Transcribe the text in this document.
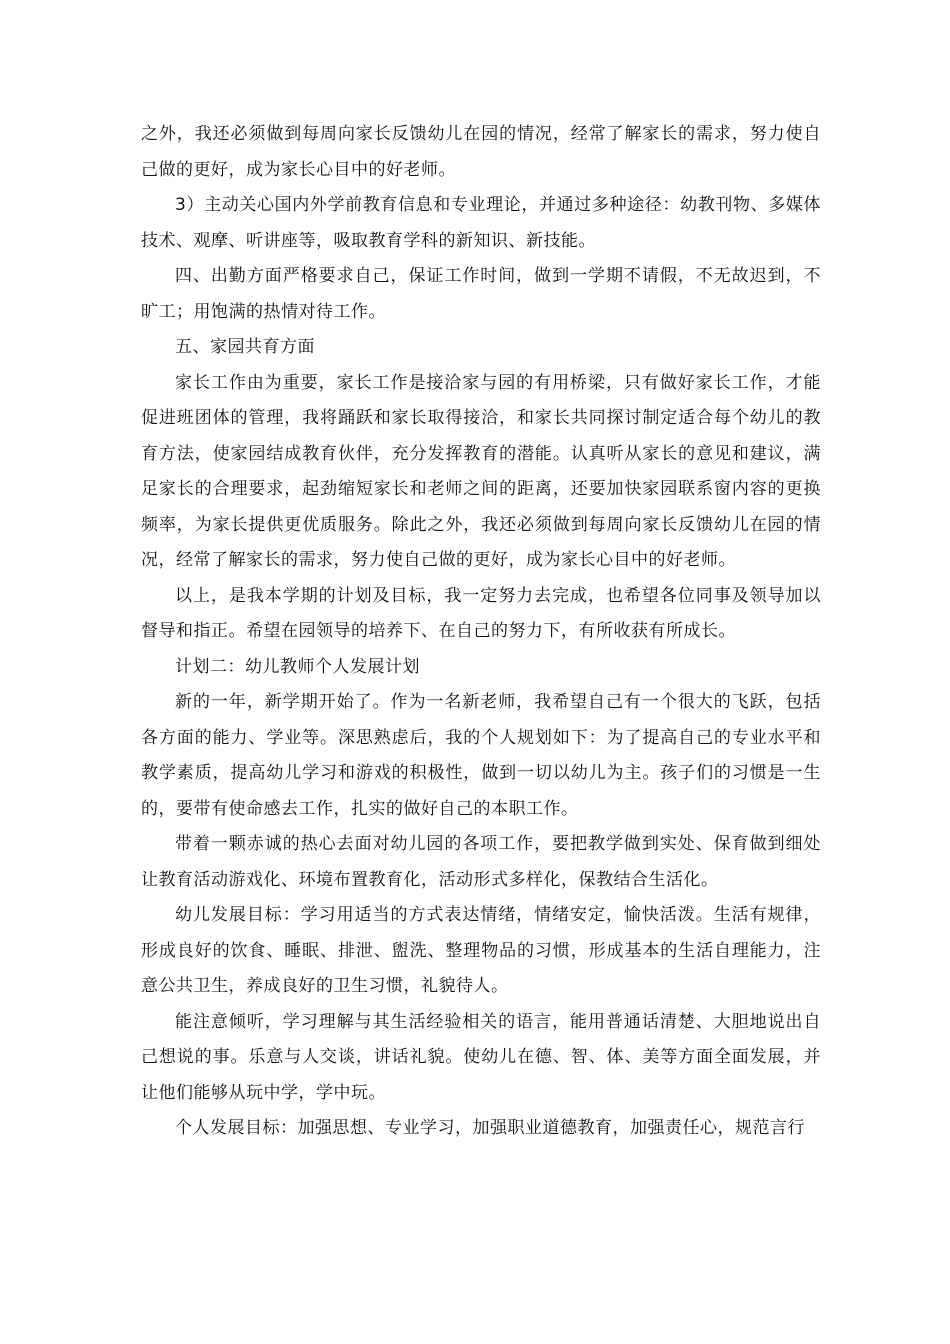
之外，我还必须做到每周向家长反馈幼儿在园的情况，经常了解家长的需求，努力使自己做的更好，成为家长心目中的好老师。

3）主动关心国内外学前教育信息和专业理论，并通过多种途径：幼教刊物、多媒体技术、观摩、听讲座等，吸取教育学科的新知识、新技能。

四、出勤方面严格要求自己，保证工作时间，做到一学期不请假，不无故迟到，不旷工；用饱满的热情对待工作。

五、家园共育方面

家长工作由为重要，家长工作是接洽家与园的有用桥梁，只有做好家长工作，才能促进班团体的管理，我将踊跃和家长取得接洽，和家长共同探讨制定适合每个幼儿的教育方法，使家园结成教育伙伴，充分发挥教育的潜能。认真听从家长的意见和建议，满足家长的合理要求，起劲缩短家长和老师之间的距离，还要加快家园联系窗内容的更换频率，为家长提供更优质服务。除此之外，我还必须做到每周向家长反馈幼儿在园的情况，经常了解家长的需求，努力使自己做的更好，成为家长心目中的好老师。

以上，是我本学期的计划及目标，我一定努力去完成，也希望各位同事及领导加以督导和指正。希望在园领导的培养下、在自己的努力下，有所收获有所成长。

计划二：幼儿教师个人发展计划

新的一年，新学期开始了。作为一名新老师，我希望自己有一个很大的飞跃，包括各方面的能力、学业等。深思熟虑后，我的个人规划如下：为了提高自己的专业水平和教学素质，提高幼儿学习和游戏的积极性，做到一切以幼儿为主。孩子们的习惯是一生的，要带有使命感去工作，扎实的做好自己的本职工作。

带着一颗赤诚的热心去面对幼儿园的各项工作，要把教学做到实处、保育做到细处让教育活动游戏化、环境布置教育化，活动形式多样化，保教结合生活化。

幼儿发展目标：学习用适当的方式表达情绪，情绪安定，愉快活泼。生活有规律，形成良好的饮食、睡眠、排泄、盥洗、整理物品的习惯，形成基本的生活自理能力，注意公共卫生，养成良好的卫生习惯，礼貌待人。

能注意倾听，学习理解与其生活经验相关的语言，能用普通话清楚、大胆地说出自己想说的事。乐意与人交谈，讲话礼貌。使幼儿在德、智、体、美等方面全面发展，并让他们能够从玩中学，学中玩。

个人发展目标：加强思想、专业学习，加强职业道德教育，加强责任心，规范言行
